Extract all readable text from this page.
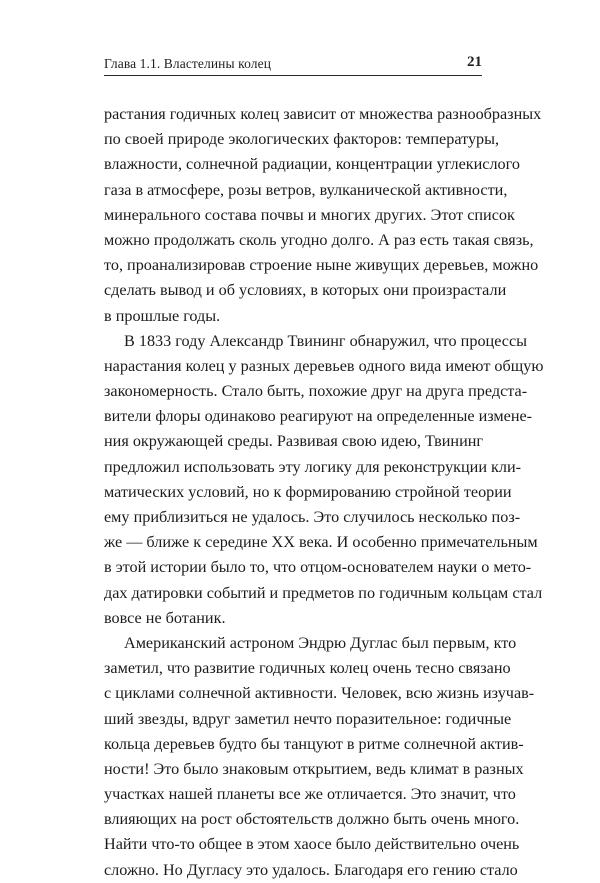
Глава 1.1. Властелины колец	21
растания годичных колец зависит от множества разнообразных
по своей природе экологических факторов: температуры,
влажности, солнечной радиации, концентрации углекислого
газа в атмосфере, розы ветров, вулканической активности,
минерального состава почвы и многих других. Этот список
можно продолжать сколь угодно долго. А раз есть такая связь,
то, проанализировав строение ныне живущих деревьев, можно
сделать вывод и об условиях, в которых они произрастали
в прошлые годы.
В 1833 году Александр Твининг обнаружил, что процессы
нарастания колец у разных деревьев одного вида имеют общую
закономерность. Стало быть, похожие друг на друга предста-
вители флоры одинаково реагируют на определенные измене-
ния окружающей среды. Развивая свою идею, Твининг
предложил использовать эту логику для реконструкции кли-
матических условий, но к формированию стройной теории
ему приблизиться не удалось. Это случилось несколько поз-
же — ближе к середине XX века. И особенно примечательным
в этой истории было то, что отцом-основателем науки о мето-
дах датировки событий и предметов по годичным кольцам стал
вовсе не ботаник.
Американский астроном Эндрю Дуглас был первым, кто
заметил, что развитие годичных колец очень тесно связано
с циклами солнечной активности. Человек, всю жизнь изучав-
ший звезды, вдруг заметил нечто поразительное: годичные
кольца деревьев будто бы танцуют в ритме солнечной актив-
ности! Это было знаковым открытием, ведь климат в разных
участках нашей планеты все же отличается. Это значит, что
влияющих на рост обстоятельств должно быть очень много.
Найти что-то общее в этом хаосе было действительно очень
сложно. Но Дугласу это удалось. Благодаря его гению стало
